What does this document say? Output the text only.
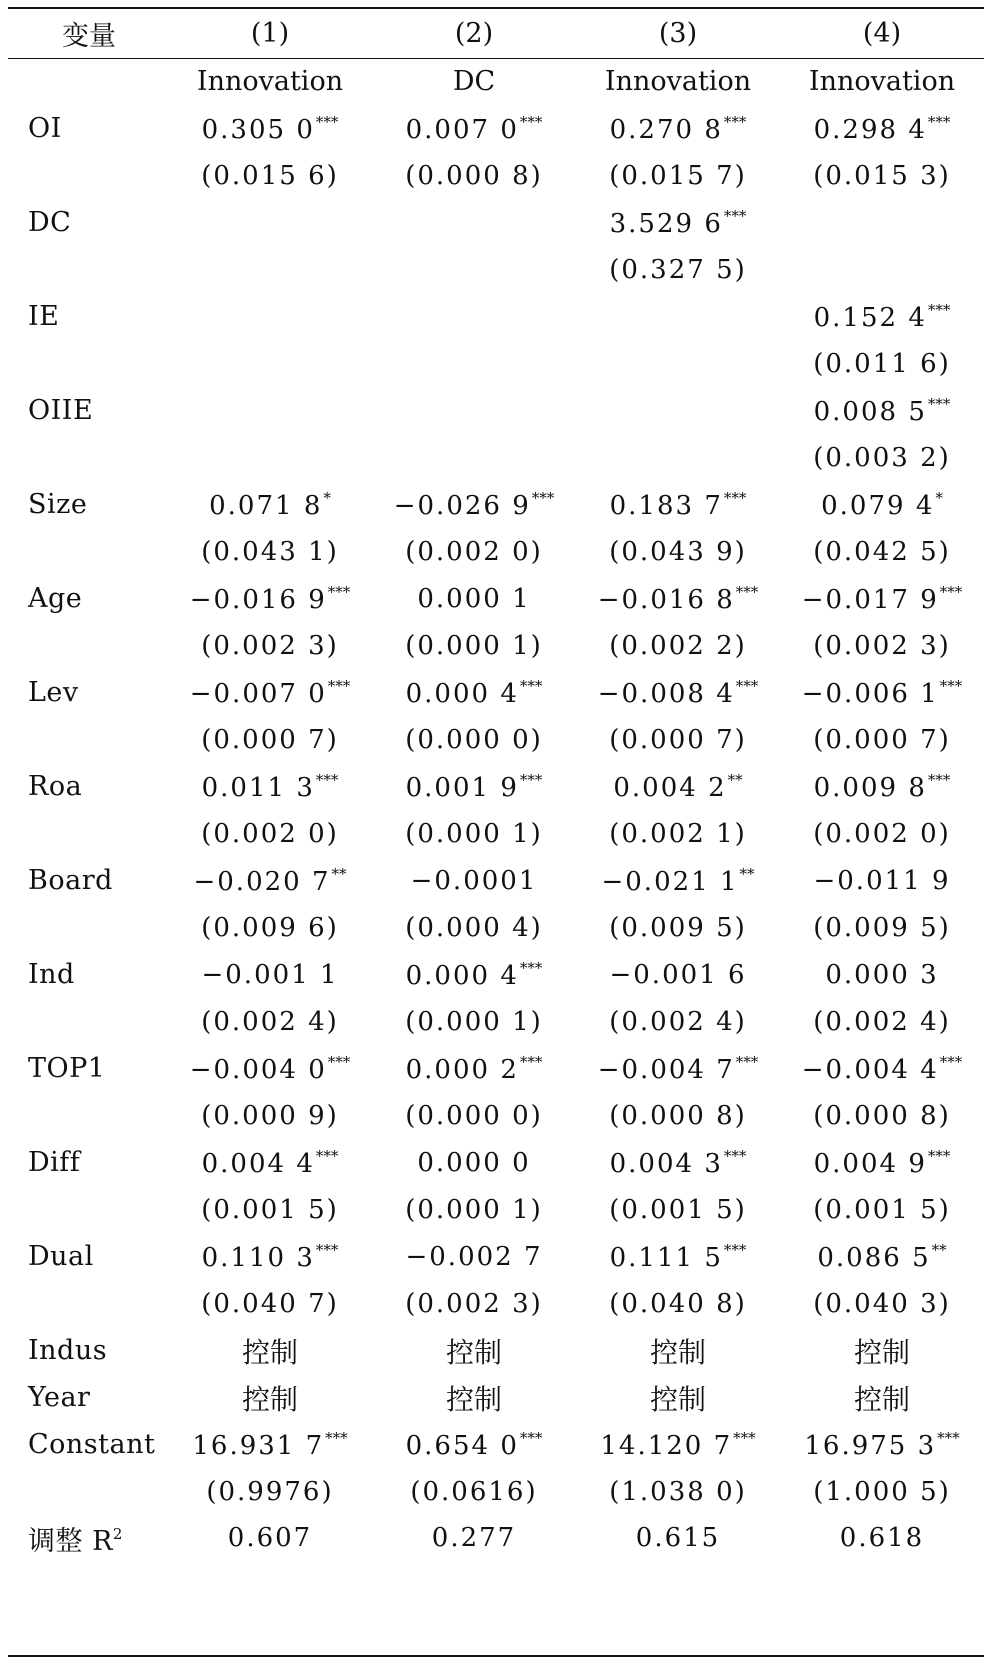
变量	(1)	(2)	(3)	(4)
	Innovation	DC	Innovation	Innovation
OI	0.305 0***	0.007 0***	0.270 8***	0.298 4***
	(0.015 6)	(0.000 8)	(0.015 7)	(0.015 3)
DC			3.529 6***	
			(0.327 5)	
IE				0.152 4***
				(0.011 6)
OIIE				0.008 5***
				(0.003 2)
Size	0.071 8*	−0.026 9***	0.183 7***	0.079 4*
	(0.043 1)	(0.002 0)	(0.043 9)	(0.042 5)
Age	−0.016 9***	0.000 1	−0.016 8***	−0.017 9***
	(0.002 3)	(0.000 1)	(0.002 2)	(0.002 3)
Lev	−0.007 0***	0.000 4***	−0.008 4***	−0.006 1***
	(0.000 7)	(0.000 0)	(0.000 7)	(0.000 7)
Roa	0.011 3***	0.001 9***	0.004 2**	0.009 8***
	(0.002 0)	(0.000 1)	(0.002 1)	(0.002 0)
Board	−0.020 7**	−0.0001	−0.021 1**	−0.011 9
	(0.009 6)	(0.000 4)	(0.009 5)	(0.009 5)
Ind	−0.001 1	0.000 4***	−0.001 6	0.000 3
	(0.002 4)	(0.000 1)	(0.002 4)	(0.002 4)
TOP1	−0.004 0***	0.000 2***	−0.004 7***	−0.004 4***
	(0.000 9)	(0.000 0)	(0.000 8)	(0.000 8)
Diff	0.004 4***	0.000 0	0.004 3***	0.004 9***
	(0.001 5)	(0.000 1)	(0.001 5)	(0.001 5)
Dual	0.110 3***	−0.002 7	0.111 5***	0.086 5**
	(0.040 7)	(0.002 3)	(0.040 8)	(0.040 3)
Indus	控制	控制	控制	控制
Year	控制	控制	控制	控制
Constant	16.931 7***	0.654 0***	14.120 7***	16.975 3***
	(0.9976)	(0.0616)	(1.038 0)	(1.000 5)
调整 $R^2$	0.607	0.277	0.615	0.618
